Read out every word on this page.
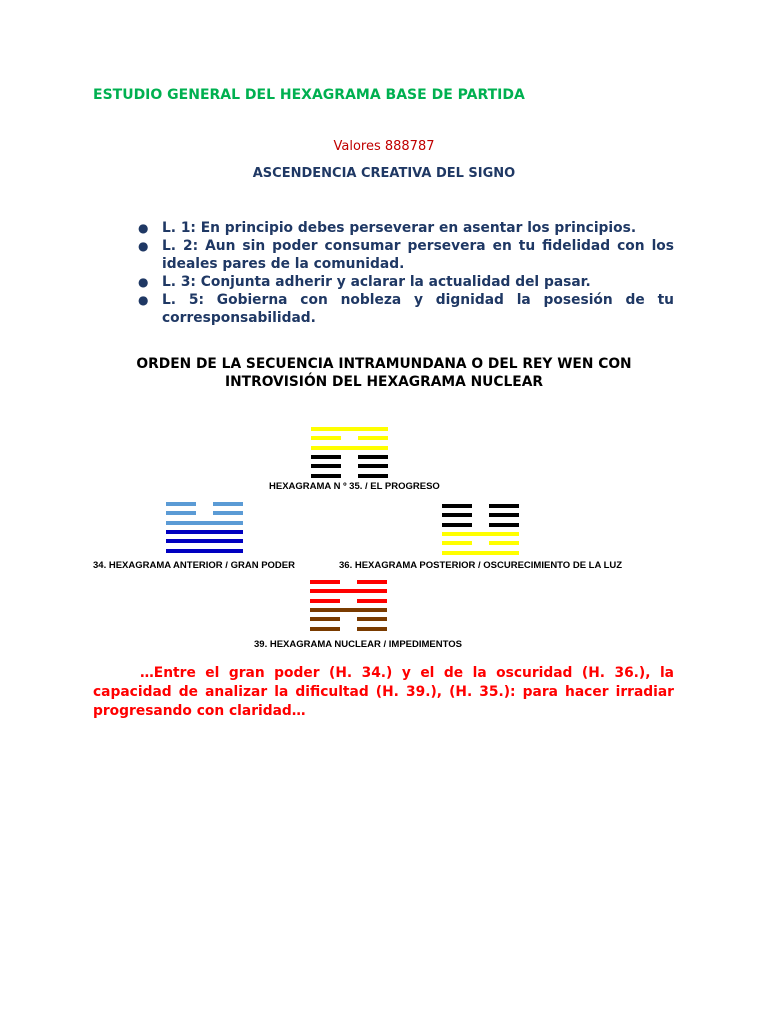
ESTUDIO GENERAL DEL HEXAGRAMA BASE DE PARTIDA
Valores 888787
ASCENDENCIA CREATIVA DEL SIGNO
● L. 1: En principio debes perseverar en asentar los principios.
● L. 2: Aun sin poder consumar persevera en tu fidelidad con los ideales pares de la comunidad.
● L. 3: Conjunta adherir y aclarar la actualidad del pasar.
● L. 5: Gobierna con nobleza y dignidad la posesión de tu corresponsabilidad.
ORDEN DE LA SECUENCIA INTRAMUNDANA O DEL REY WEN CON
INTROVISIÓN DEL HEXAGRAMA NUCLEAR
HEXAGRAMA N º 35. / EL PROGRESO
34. HEXAGRAMA ANTERIOR / GRAN PODER	36. HEXAGRAMA POSTERIOR / OSCURECIMIENTO DE LA LUZ
39. HEXAGRAMA NUCLEAR / IMPEDIMENTOS
…Entre el gran poder (H. 34.) y el de la oscuridad (H. 36.), la capacidad de analizar la dificultad (H. 39.), (H. 35.): para hacer irradiar progresando con claridad…
